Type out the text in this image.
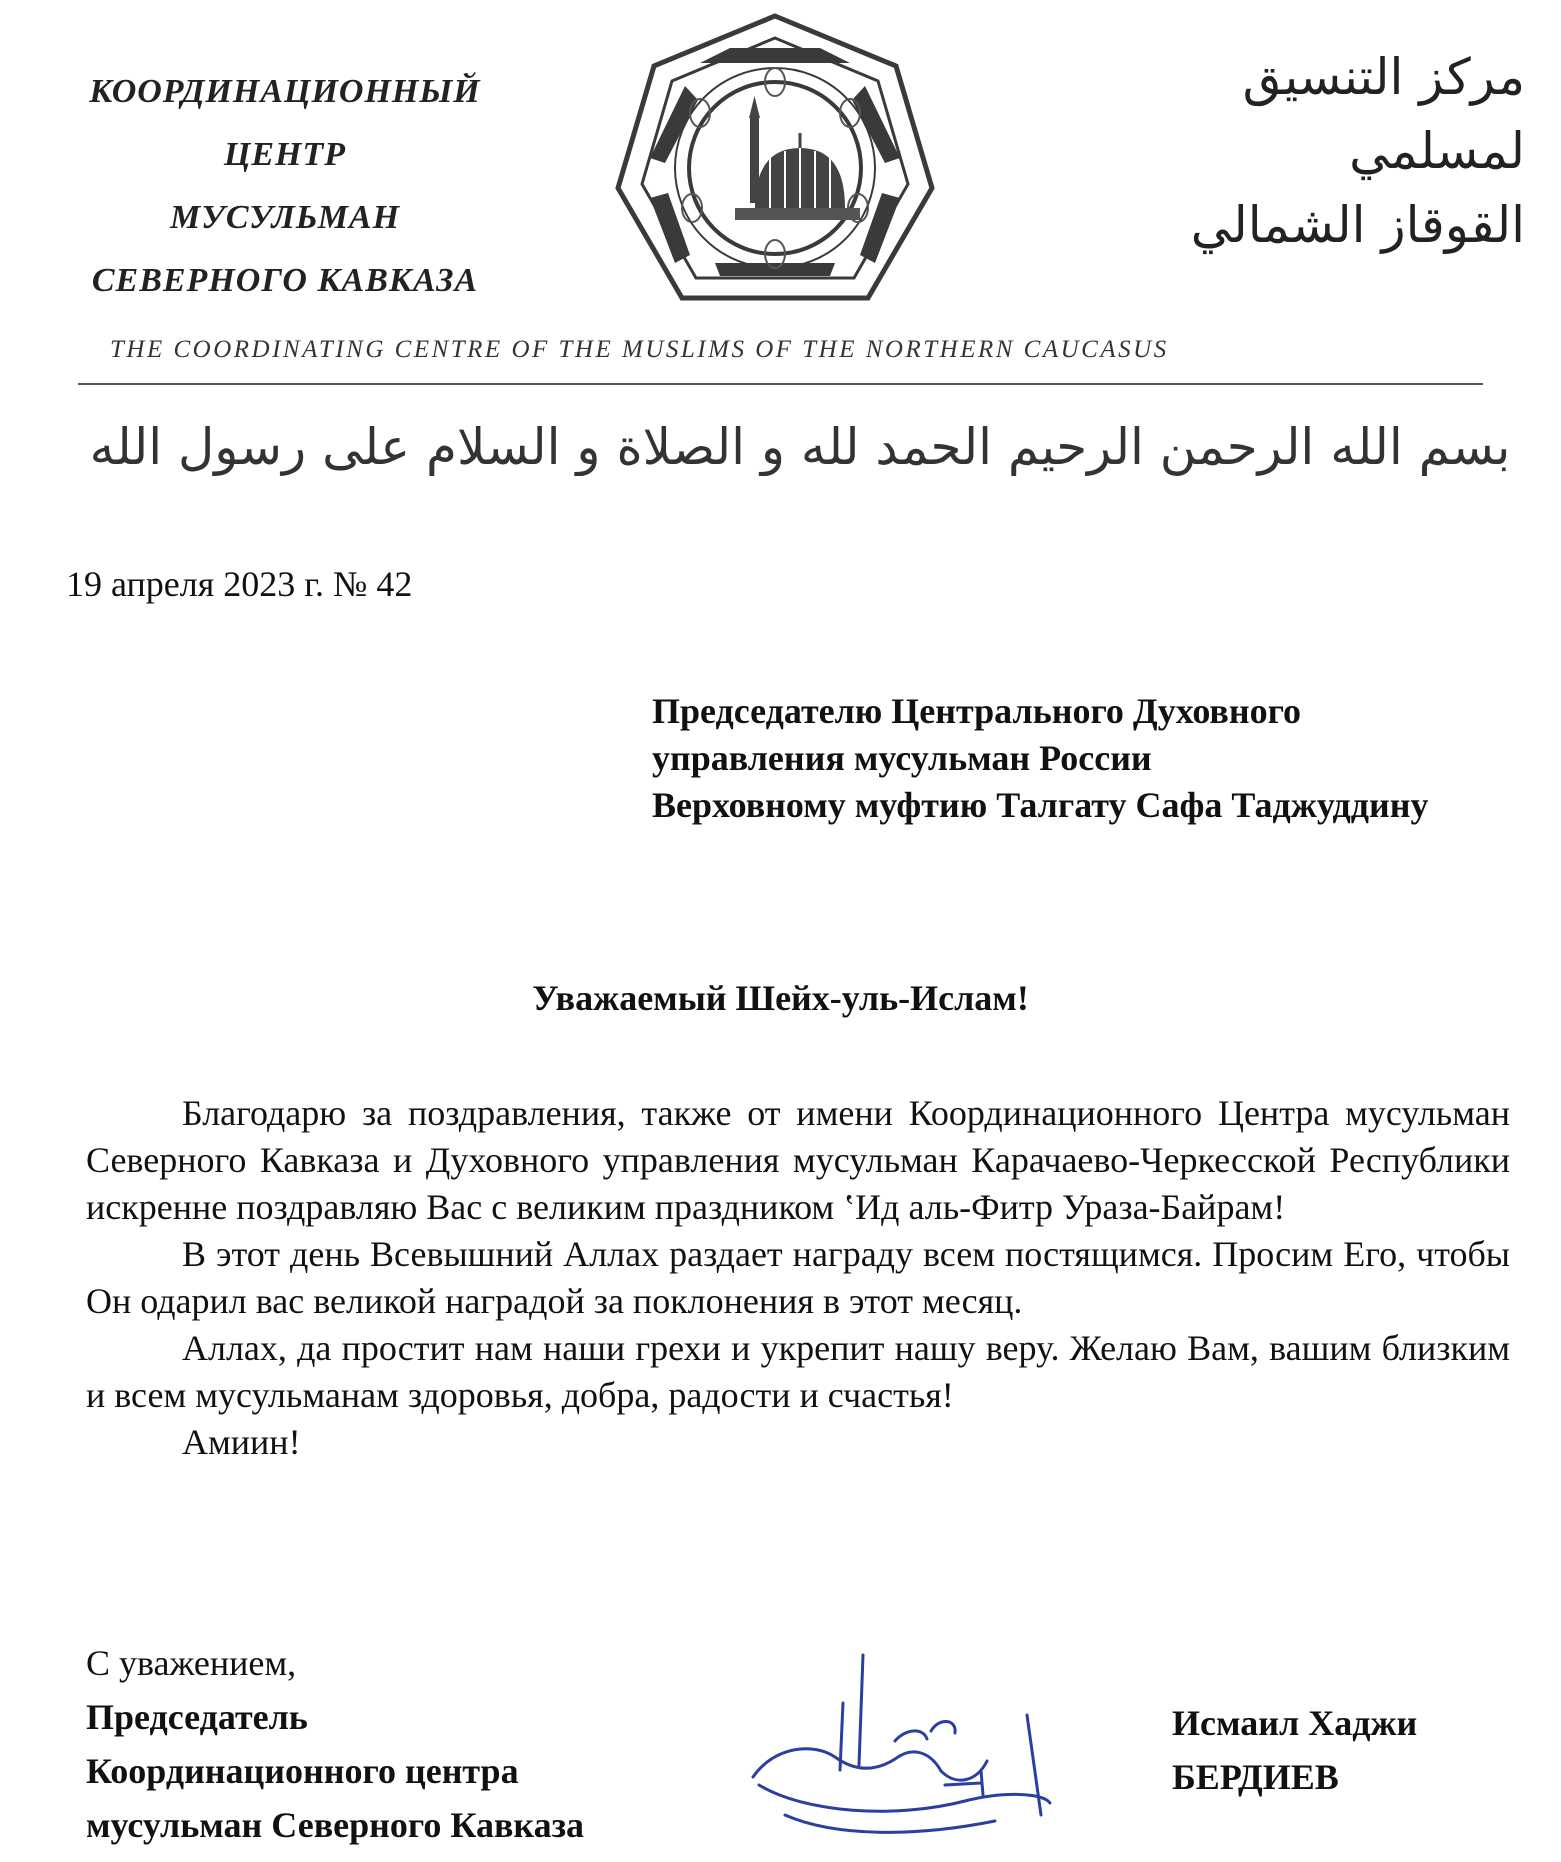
КООРДИНАЦИОННЫЙ
ЦЕНТР
МУСУЛЬМАН
СЕВЕРНОГО КАВКАЗА
مركز التنسيق
لمسلمي
القوقاز الشمالي
THE COORDINATING CENTRE OF THE MUSLIMS OF THE NORTHERN CAUCASUS
بسم الله الرحمن الرحيم الحمد لله و الصلاة و السلام على رسول الله
19 апреля 2023 г. № 42
Председателю Центрального Духовного
управления мусульман России
Верховному муфтию Талгату Сафа Таджуддину
Уважаемый Шейх-уль-Ислам!

Благодарю за поздравления, также от имени Координационного Центра мусульман Северного Кавказа и Духовного управления мусульман Карачаево-Черкесской Республики искренне поздравляю Вас с великим праздником ʽИд аль-Фитр Ураза-Байрам!

В этот день Всевышний Аллах раздает награду всем постящимся. Просим Его, чтобы Он одарил вас великой наградой за поклонения в этот месяц.

Аллах, да простит нам наши грехи и укрепит нашу веру. Желаю Вам, вашим близким и всем мусульманам здоровья, добра, радости и счастья!

Амиин!

С уважением,
Председатель
Координационного центра
мусульман Северного Кавказа
Исмаил Хаджи
БЕРДИЕВ
